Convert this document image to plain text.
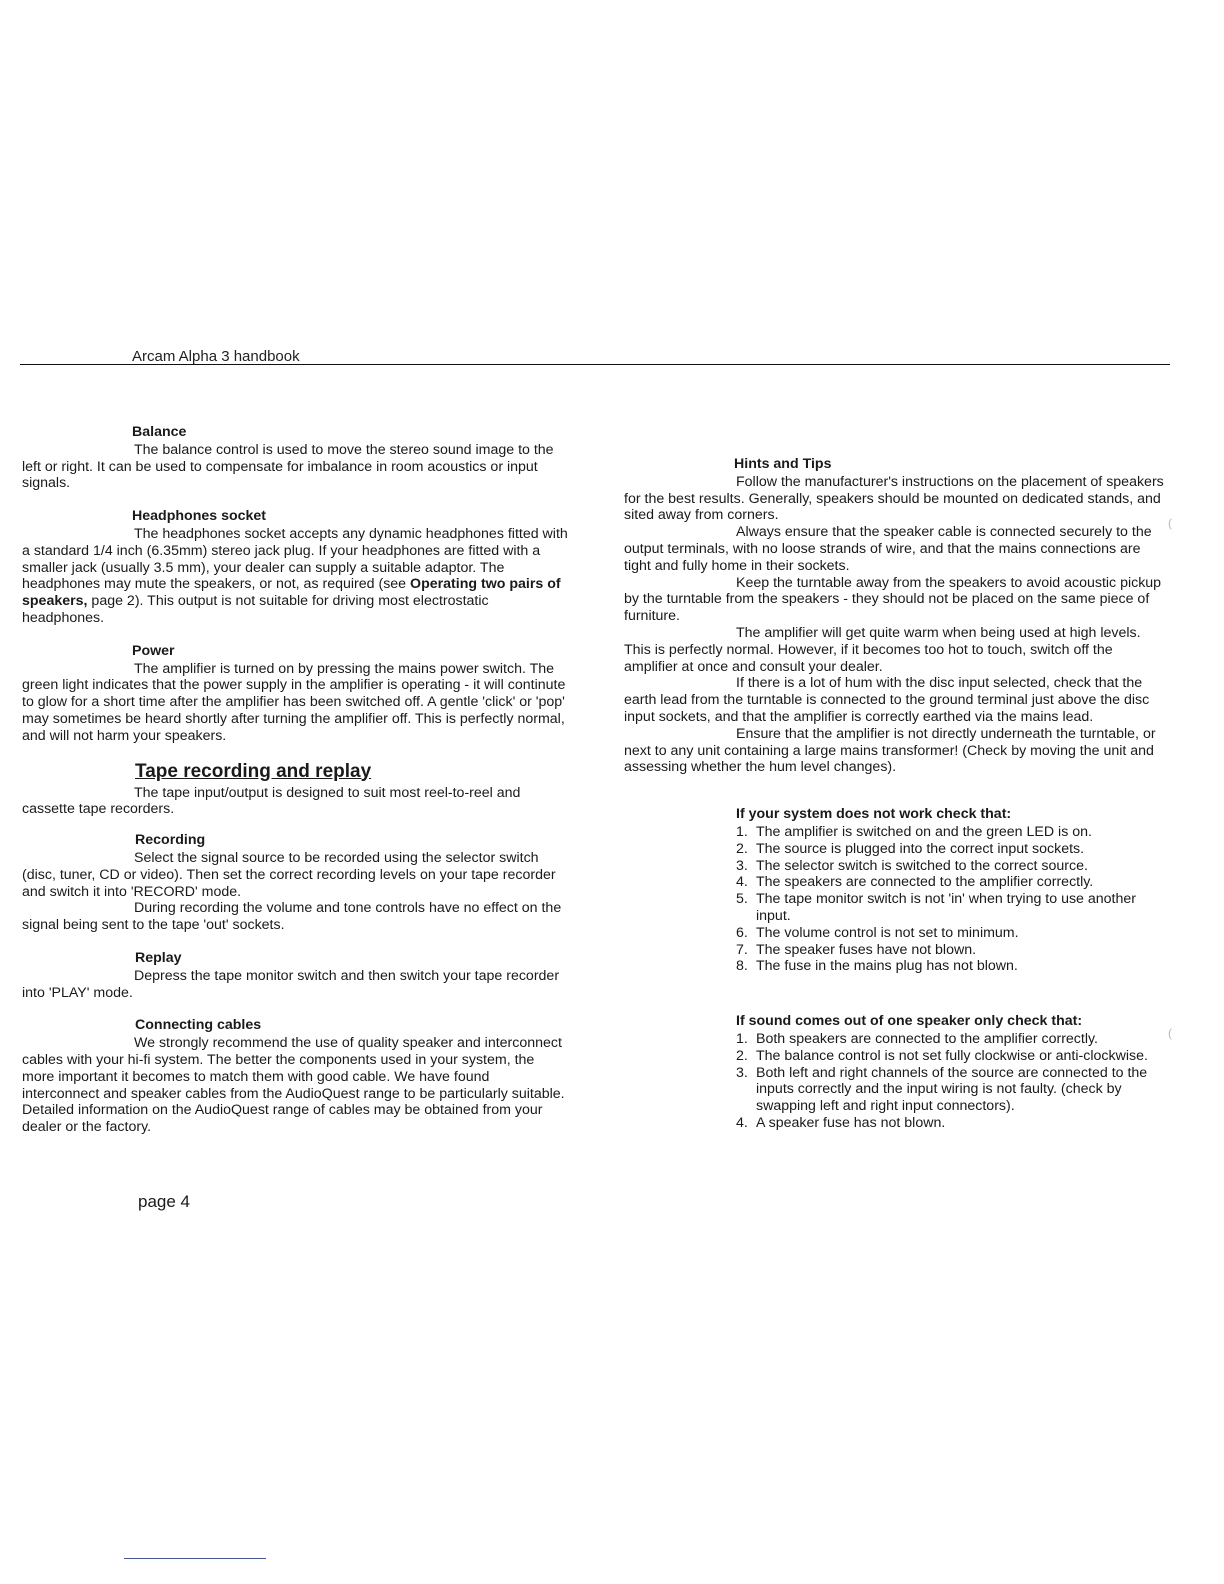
Arcam Alpha 3 handbook
Balance

The balance control is used to move the stereo sound image to the left or right. It can be used to compensate for imbalance in room acoustics or input signals.

Headphones socket

The headphones socket accepts any dynamic headphones fitted with a standard 1/4 inch (6.35mm) stereo jack plug. If your headphones are fitted with a smaller jack (usually 3.5 mm), your dealer can supply a suitable adaptor. The headphones may mute the speakers, or not, as required (see Operating two pairs of speakers, page 2). This output is not suitable for driving most electrostatic headphones.

Power

The amplifier is turned on by pressing the mains power switch. The green light indicates that the power supply in the amplifier is operating - it will continute to glow for a short time after the amplifier has been switched off. A gentle 'click' or 'pop' may sometimes be heard shortly after turning the amplifier off. This is perfectly normal, and will not harm your speakers.

Tape recording and replay

The tape input/output is designed to suit most reel-to-reel and cassette tape recorders.

Recording

Select the signal source to be recorded using the selector switch (disc, tuner, CD or video). Then set the correct recording levels on your tape recorder and switch it into 'RECORD' mode.

During recording the volume and tone controls have no effect on the signal being sent to the tape 'out' sockets.

Replay

Depress the tape monitor switch and then switch your tape recorder into 'PLAY' mode.

Connecting cables

We strongly recommend the use of quality speaker and interconnect cables with your hi-fi system. The better the components used in your system, the more important it becomes to match them with good cable. We have found interconnect and speaker cables from the AudioQuest range to be particularly suitable. Detailed information on the AudioQuest range of cables may be obtained from your dealer or the factory.

Hints and Tips

Follow the manufacturer's instructions on the placement of speakers for the best results. Generally, speakers should be mounted on dedicated stands, and sited away from corners.

Always ensure that the speaker cable is connected securely to the output terminals, with no loose strands of wire, and that the mains connections are tight and fully home in their sockets.

Keep the turntable away from the speakers to avoid acoustic pickup by the turntable from the speakers - they should not be placed on the same piece of furniture.

The amplifier will get quite warm when being used at high levels. This is perfectly normal. However, if it becomes too hot to touch, switch off the amplifier at once and consult your dealer.

If there is a lot of hum with the disc input selected, check that the earth lead from the turntable is connected to the ground terminal just above the disc input sockets, and that the amplifier is correctly earthed via the mains lead.

Ensure that the amplifier is not directly underneath the turntable, or next to any unit containing a large mains transformer! (Check by moving the unit and assessing whether the hum level changes).

If your system does not work check that:
1. The amplifier is switched on and the green LED is on.
2. The source is plugged into the correct input sockets.
3. The selector switch is switched to the correct source.
4. The speakers are connected to the amplifier correctly.
5. The tape monitor switch is not 'in' when trying to use another input.
6. The volume control is not set to minimum.
7. The speaker fuses have not blown.
8. The fuse in the mains plug has not blown.
If sound comes out of one speaker only check that:
1. Both speakers are connected to the amplifier correctly.
2. The balance control is not set fully clockwise or anti-clockwise.
3. Both left and right channels of the source are connected to the inputs correctly and the input wiring is not faulty. (check by swapping left and right input connectors).
4. A speaker fuse has not blown.
(
(
page 4
